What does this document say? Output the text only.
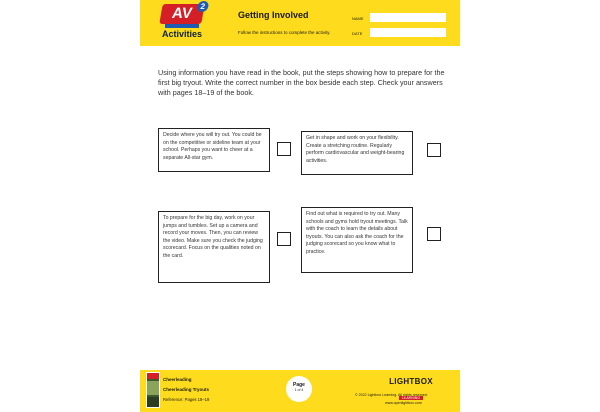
AV 2
Activities
Getting Involved
Follow the instructions to complete the activity.
NAME
DATE
Using information you have read in the book, put the steps showing how to prepare for the first big tryout. Write the correct number in the box beside each step. Check your answers with pages 18–19 of the book.
Decide where you will try out. You could be on the competitive or sideline team at your school. Perhaps you want to cheer at a separate All-star gym.
Get in shape and work on your flexibility. Create a stretching routine. Regularly perform cardiovascular and weight-bearing activities.
To prepare for the big day, work on your jumps and tumbles. Set up a camera and record your moves. Then, you can review the video. Make sure you check the judging scorecard. Focus on the qualities noted on the card.
Find out what is required to try out. Many schools and gyms hold tryout meetings. Talk with the coach to learn the details about tryouts. You can also ask the coach for the judging scorecard so you know what to practice.
Cheerleading
Cheerleading Tryouts
Reference: Pages 18–19
Page
1 of 4
LIGHTBOX
LEARNING
© 2022 Lightbox Learning. All rights reserved.
www.openlightbox.com
